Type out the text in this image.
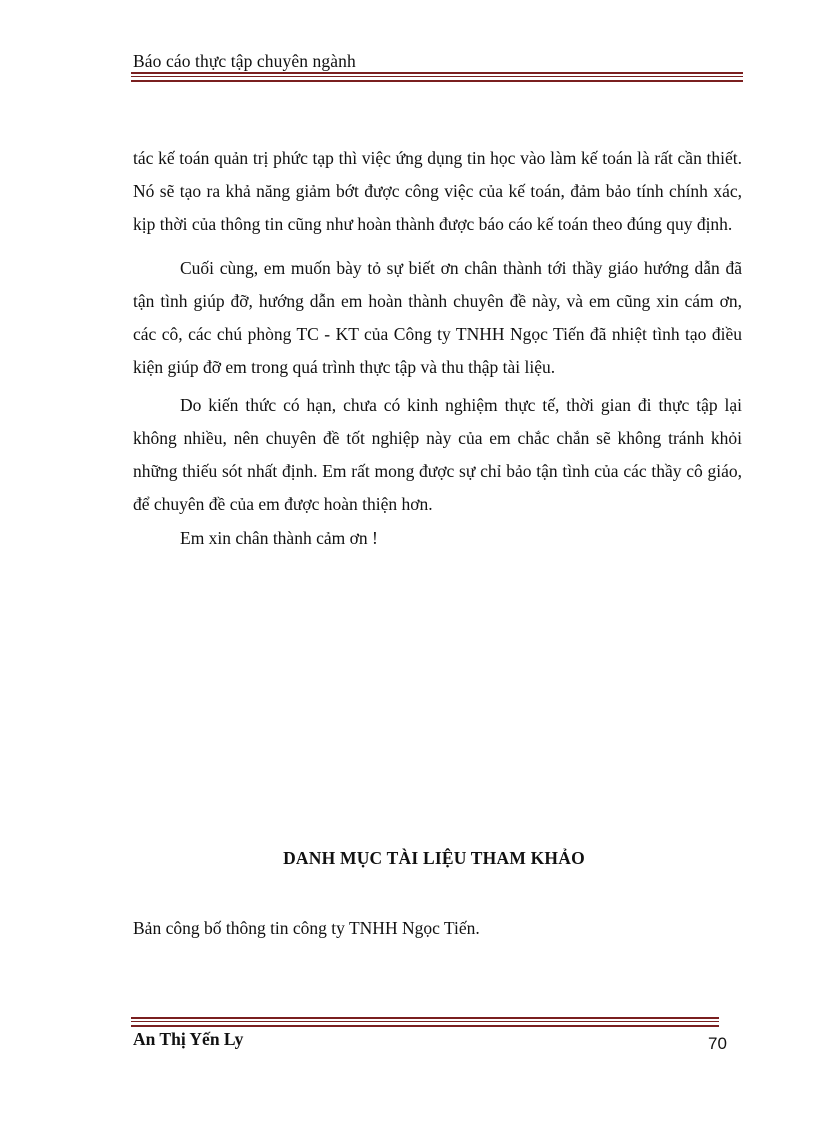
Báo cáo thực tập chuyên ngành

tác kế toán quản trị phức tạp thì việc ứng dụng tin học vào làm kế toán là rất cần thiết. Nó sẽ tạo ra khả năng giảm bớt được công việc của kế toán, đảm bảo tính chính xác, kịp thời của thông tin cũng như hoàn thành được báo cáo kế toán theo đúng quy định.

Cuối cùng, em muốn bày tỏ sự biết ơn chân thành tới thầy giáo hướng dẫn đã tận tình giúp đỡ, hướng dẫn em hoàn thành chuyên đề này, và em cũng xin cám ơn, các cô, các chú phòng TC - KT của Công ty TNHH Ngọc Tiến đã nhiệt tình tạo điều kiện giúp đỡ em trong quá trình thực tập và thu thập tài liệu.

Do kiến thức có hạn, chưa có kinh nghiệm thực tế, thời gian đi thực tập lại không nhiều, nên chuyên đề tốt nghiệp này của em chắc chắn sẽ không tránh khỏi những thiếu sót nhất định. Em rất mong được sự chỉ bảo tận tình của các thầy cô giáo, để chuyên đề của em được hoàn thiện hơn.

Em xin chân thành cảm ơn !

DANH MỤC TÀI LIỆU THAM KHẢO
Bản công bố thông tin công ty TNHH Ngọc Tiến.
An Thị Yến Ly	70
